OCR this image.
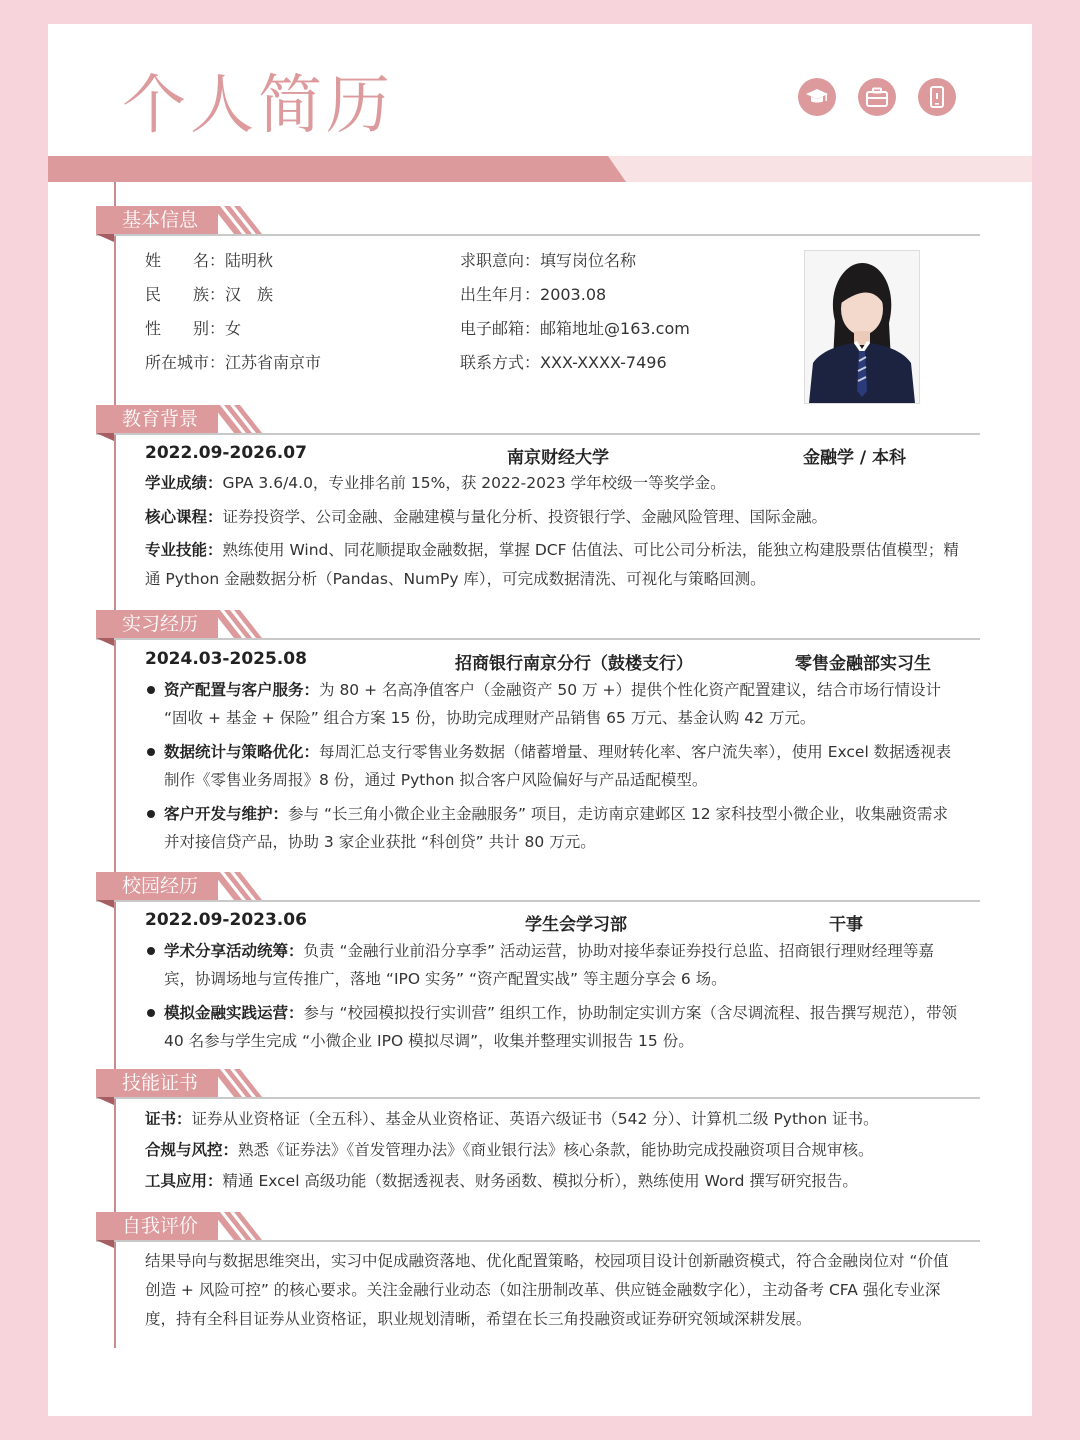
个人简历
基本信息
姓　　名：陆明秋
民　　族：汉　族
性　　别：女
所在城市：江苏省南京市
求职意向：填写岗位名称
出生年月：2003.08
电子邮箱：邮箱地址@163.com
联系方式：XXX-XXXX-7496
教育背景
2022.09-2026.07	南京财经大学	金融学 / 本科
学业成绩：GPA 3.6/4.0，专业排名前 15%，获 2022-2023 学年校级一等奖学金。
核心课程：证券投资学、公司金融、金融建模与量化分析、投资银行学、金融风险管理、国际金融。
专业技能：熟练使用 Wind、同花顺提取金融数据，掌握 DCF 估值法、可比公司分析法，能独立构建股票估值模型；精通 Python 金融数据分析（Pandas、NumPy 库），可完成数据清洗、可视化与策略回测。
实习经历
2024.03-2025.08	招商银行南京分行（鼓楼支行）	零售金融部实习生
资产配置与客户服务：为 80 + 名高净值客户（金融资产 50 万 +）提供个性化资产配置建议，结合市场行情设计 “固收 + 基金 + 保险” 组合方案 15 份，协助完成理财产品销售 65 万元、基金认购 42 万元。
数据统计与策略优化：每周汇总支行零售业务数据（储蓄增量、理财转化率、客户流失率），使用 Excel 数据透视表制作《零售业务周报》8 份，通过 Python 拟合客户风险偏好与产品适配模型。
客户开发与维护：参与 “长三角小微企业主金融服务” 项目，走访南京建邺区 12 家科技型小微企业，收集融资需求并对接信贷产品，协助 3 家企业获批 “科创贷” 共计 80 万元。
校园经历
2022.09-2023.06	学生会学习部	干事
学术分享活动统筹：负责 “金融行业前沿分享季” 活动运营，协助对接华泰证券投行总监、招商银行理财经理等嘉宾，协调场地与宣传推广，落地 “IPO 实务” “资产配置实战” 等主题分享会 6 场。
模拟金融实践运营：参与 “校园模拟投行实训营” 组织工作，协助制定实训方案（含尽调流程、报告撰写规范），带领 40 名参与学生完成 “小微企业 IPO 模拟尽调”，收集并整理实训报告 15 份。
技能证书
证书：证券从业资格证（全五科）、基金从业资格证、英语六级证书（542 分）、计算机二级 Python 证书。
合规与风控：熟悉《证券法》《首发管理办法》《商业银行法》核心条款，能协助完成投融资项目合规审核。
工具应用：精通 Excel 高级功能（数据透视表、财务函数、模拟分析），熟练使用 Word 撰写研究报告。
自我评价
结果导向与数据思维突出，实习中促成融资落地、优化配置策略，校园项目设计创新融资模式，符合金融岗位对 “价值创造 + 风险可控” 的核心要求。关注金融行业动态（如注册制改革、供应链金融数字化），主动备考 CFA 强化专业深度，持有全科目证券从业资格证，职业规划清晰，希望在长三角投融资或证券研究领域深耕发展。
